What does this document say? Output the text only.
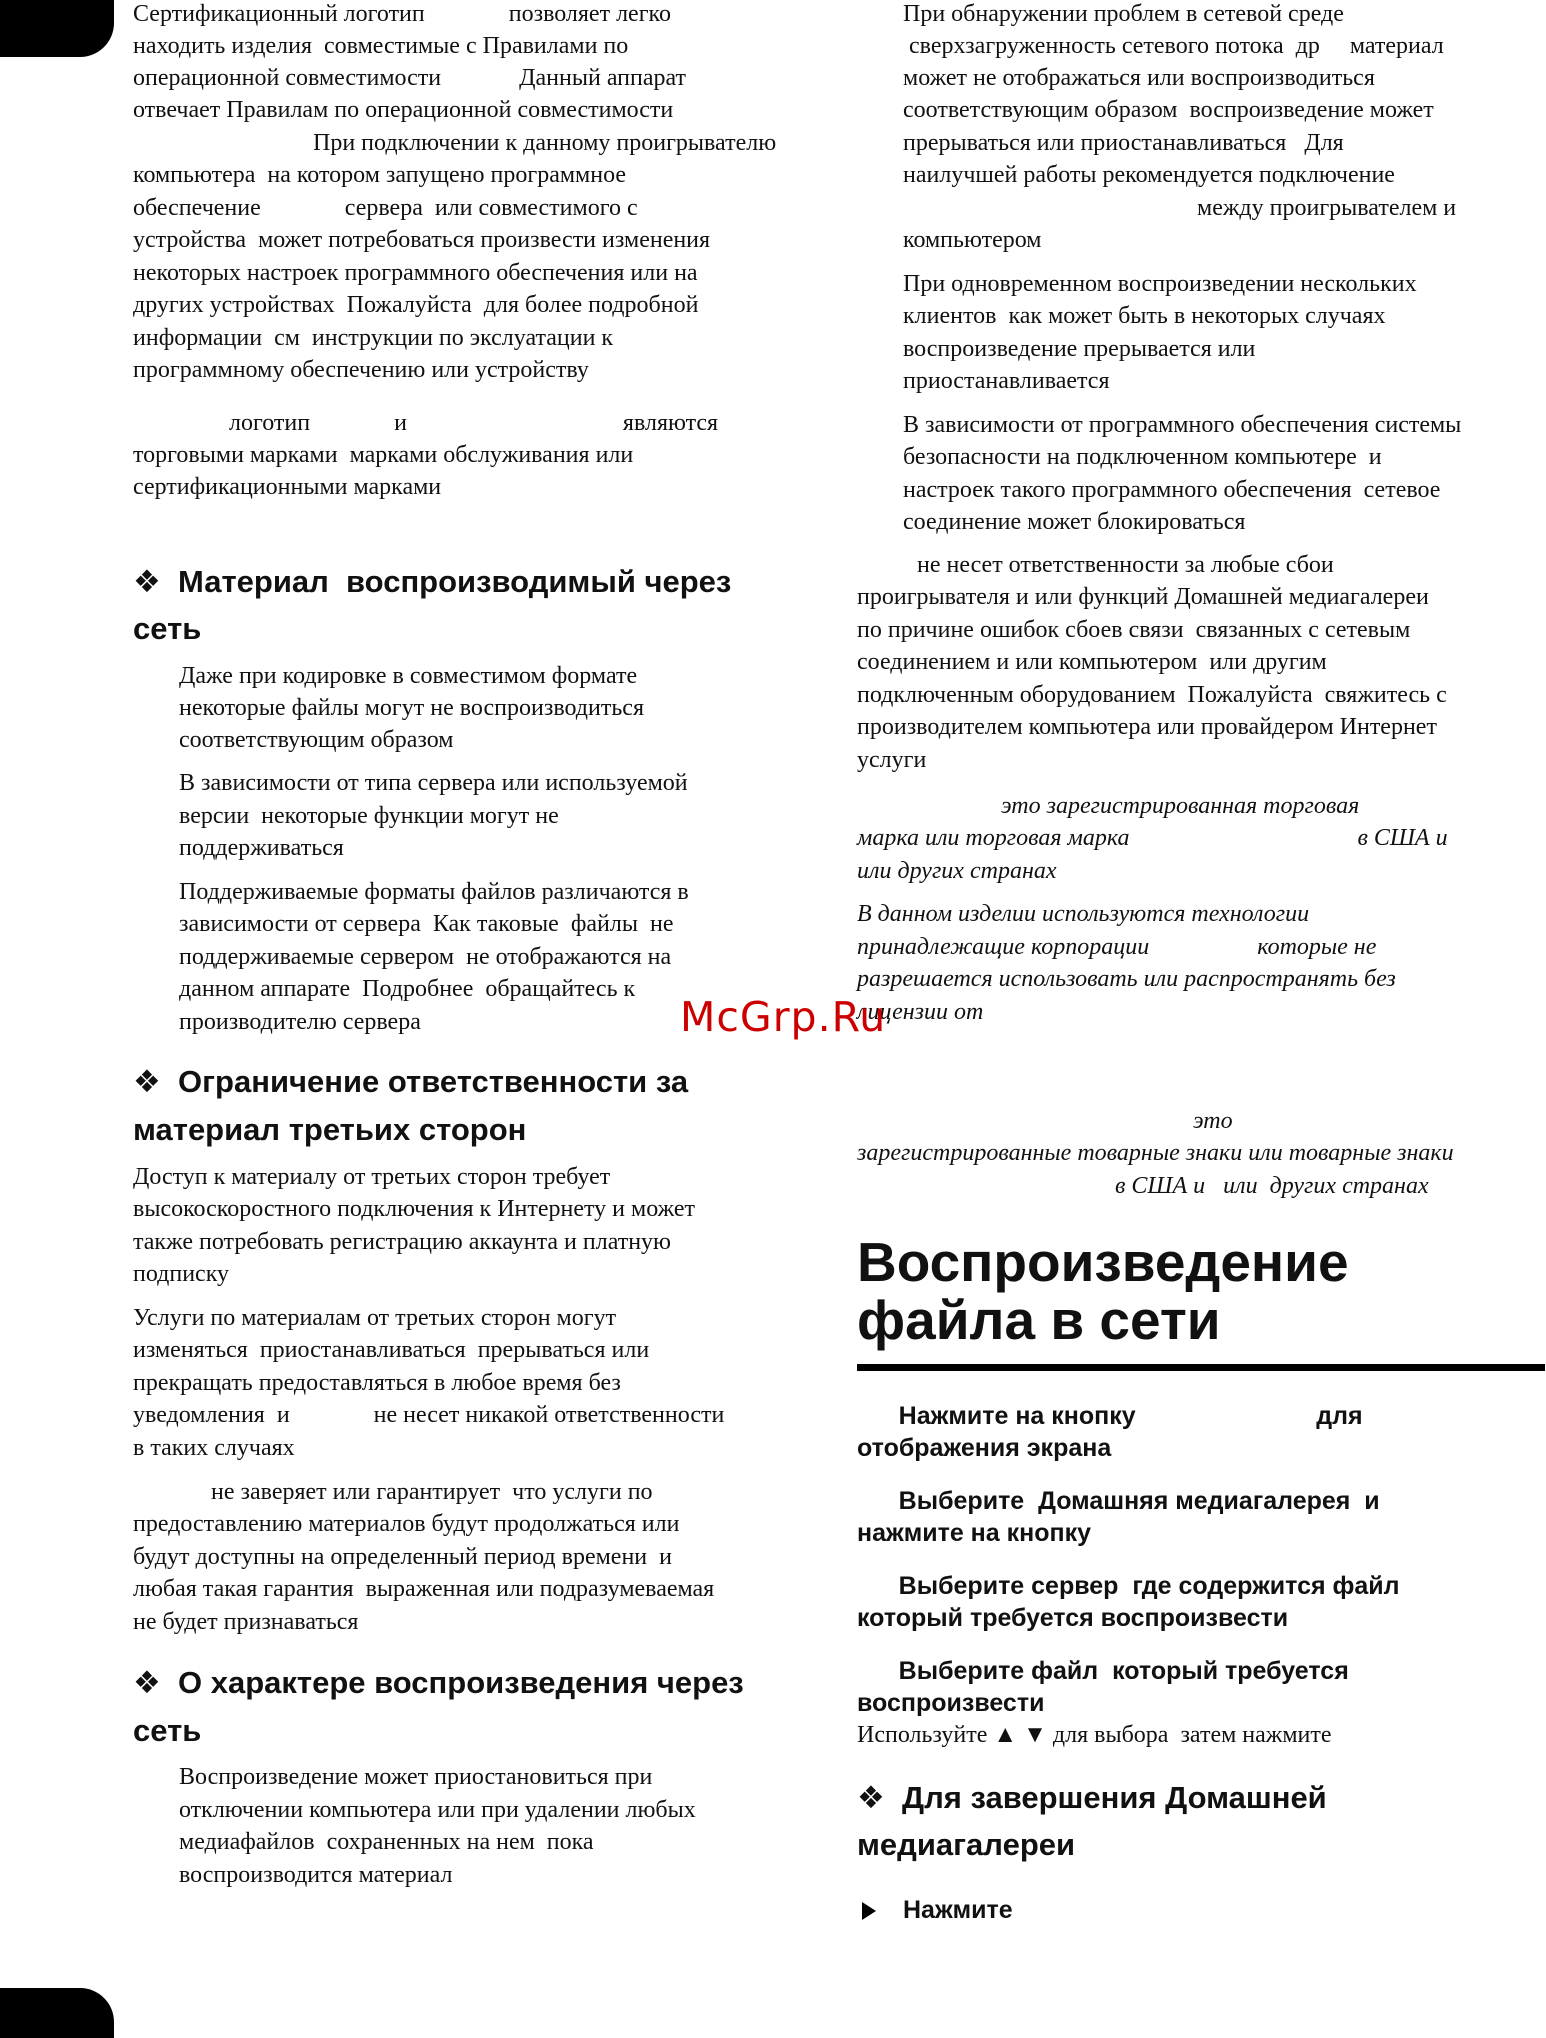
Сертификационный логотип              позволяет легко
находить изделия  совместимые с Правилами по
операционной совместимости             Данный аппарат
отвечает Правилам по операционной совместимости
При подключении к данному проигрывателю
компьютера  на котором запущено программное
обеспечение              сервера  или совместимого с
устройства  может потребоваться произвести изменения
некоторых настроек программного обеспечения или на
других устройствах  Пожалуйста  для более подробной
информации  см  инструкции по экслуатации к
программному обеспечению или устройству
логотип              и                                    являются
торговыми марками  марками обслуживания или
сертификационными марками
❖  Материал  воспроизводимый через
сеть
Даже при кодировке в совместимом формате
некоторые файлы могут не воспроизводиться
соответствующим образом
В зависимости от типа сервера или используемой
версии  некоторые функции могут не
поддерживаться
Поддерживаемые форматы файлов различаются в
зависимости от сервера  Как таковые  файлы  не
поддерживаемые сервером  не отображаются на
данном аппарате  Подробнее  обращайтесь к
производителю сервера
❖  Ограничение ответственности за
материал третьих сторон
Доступ к материалу от третьих сторон требует
высокоскоростного подключения к Интернету и может
также потребовать регистрацию аккаунта и платную
подписку
Услуги по материалам от третьих сторон могут
изменяться  приостанавливаться  прерываться или
прекращать предоставляться в любое время без
уведомления  и              не несет никакой ответственности
в таких случаях
не заверяет или гарантирует  что услуги по
предоставлению материалов будут продолжаться или
будут доступны на определенный период времени  и
любая такая гарантия  выраженная или подразумеваемая
не будет признаваться
❖  О характере воспроизведения через
сеть
Воспроизведение может приостановиться при
отключении компьютера или при удалении любых
медиафайлов  сохраненных на нем  пока
воспроизводится материал
При обнаружении проблем в сетевой среде
сверхзагруженность сетевого потока  др     материал
может не отображаться или воспроизводиться
соответствующим образом  воспроизведение может
прерываться или приостанавливаться   Для
наилучшей работы рекомендуется подключение
между проигрывателем и
компьютером
При одновременном воспроизведении нескольких
клиентов  как может быть в некоторых случаях
воспроизведение прерывается или
приостанавливается
В зависимости от программного обеспечения системы
безопасности на подключенном компьютере  и
настроек такого программного обеспечения  сетевое
соединение может блокироваться
не несет ответственности за любые сбои
проигрывателя и или функций Домашней медиагалереи
по причине ошибок сбоев связи  связанных с сетевым
соединением и или компьютером  или другим
подключенным оборудованием  Пожалуйста  свяжитесь с
производителем компьютера или провайдером Интернет
услуги
это зарегистрированная торговая
марка или торговая марка                                      в США и
или других странах
В данном изделии используются технологии
принадлежащие корпорации                  которые не
разрешается использовать или распространять без
лицензии от
это
зарегистрированные товарные знаки или товарные знаки
в США и   или  других странах
Воспроизведение
файла в сети
Нажмите на кнопку                          для
отображения экрана
Выберите  Домашняя медиагалерея  и
нажмите на кнопку
Выберите сервер  где содержится файл
который требуется воспроизвести
Выберите файл  который требуется
воспроизвести
Используйте ▲ ▼ для выбора  затем нажмите
❖  Для завершения Домашней
медиагалереи
Нажмите
McGrp.Ru
